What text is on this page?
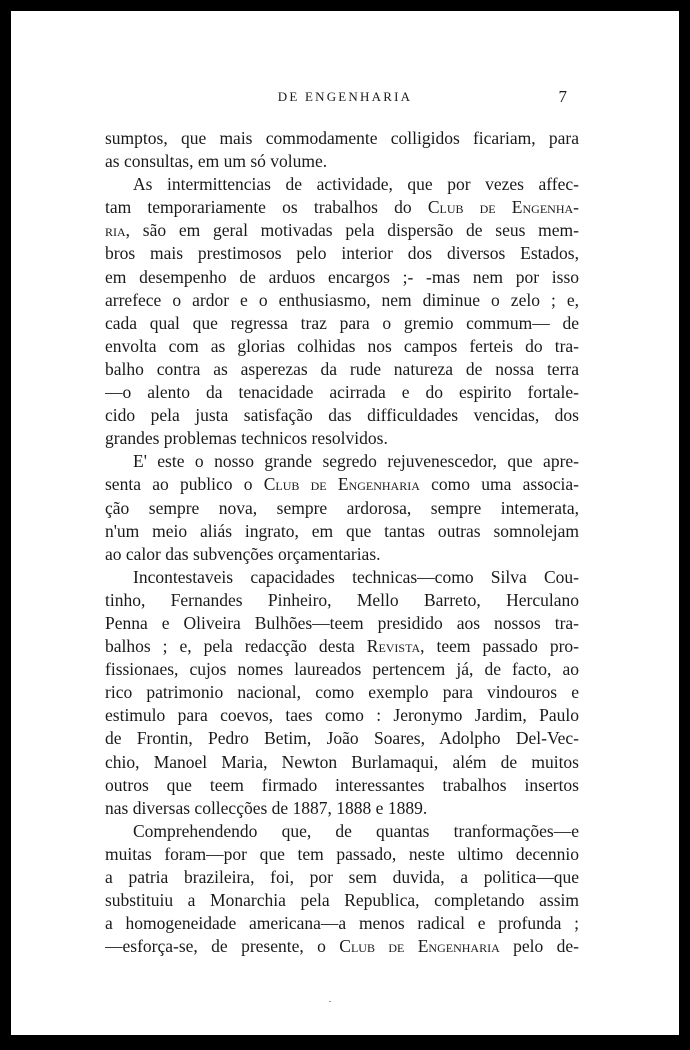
DE ENGENHARIA	7
sumptos, que mais commodamente colligidos ficariam, para
as consultas, em um só volume.
As intermittencias de actividade, que por vezes affec-
tam temporariamente os trabalhos do Club de Engenha-
ria, são em geral motivadas pela dispersão de seus mem-
bros mais prestimosos pelo interior dos diversos Estados,
em desempenho de arduos encargos ;- -mas nem por isso
arrefece o ardor e o enthusiasmo, nem diminue o zelo ; e,
cada qual que regressa traz para o gremio commum— de
envolta com as glorias colhidas nos campos ferteis do tra-
balho contra as asperezas da rude natureza de nossa terra
—o alento da tenacidade acirrada e do espirito fortale-
cido pela justa satisfação das difficuldades vencidas, dos
grandes problemas technicos resolvidos.
E' este o nosso grande segredo rejuvenescedor, que apre-
senta ao publico o Club de Engenharia como uma associa-
ção sempre nova, sempre ardorosa, sempre intemerata,
n'um meio aliás ingrato, em que tantas outras somnolejam
ao calor das subvenções orçamentarias.
Incontestaveis capacidades technicas—como Silva Cou-
tinho, Fernandes Pinheiro, Mello Barreto, Herculano
Penna e Oliveira Bulhões—teem presidido aos nossos tra-
balhos ; e, pela redacção desta Revista, teem passado pro-
fissionaes, cujos nomes laureados pertencem já, de facto, ao
rico patrimonio nacional, como exemplo para vindouros e
estimulo para coevos, taes como : Jeronymo Jardim, Paulo
de Frontin, Pedro Betim, João Soares, Adolpho Del-Vec-
chio, Manoel Maria, Newton Burlamaqui, além de muitos
outros que teem firmado interessantes trabalhos insertos
nas diversas collecções de 1887, 1888 e 1889.
Comprehendendo que, de quantas tranformações—e
muitas foram—por que tem passado, neste ultimo decennio
a patria brazileira, foi, por sem duvida, a politica—que
substituiu a Monarchia pela Republica, completando assim
a homogeneidade americana—a menos radical e profunda ;
—esforça-se, de presente, o Club de Engenharia pelo de-
